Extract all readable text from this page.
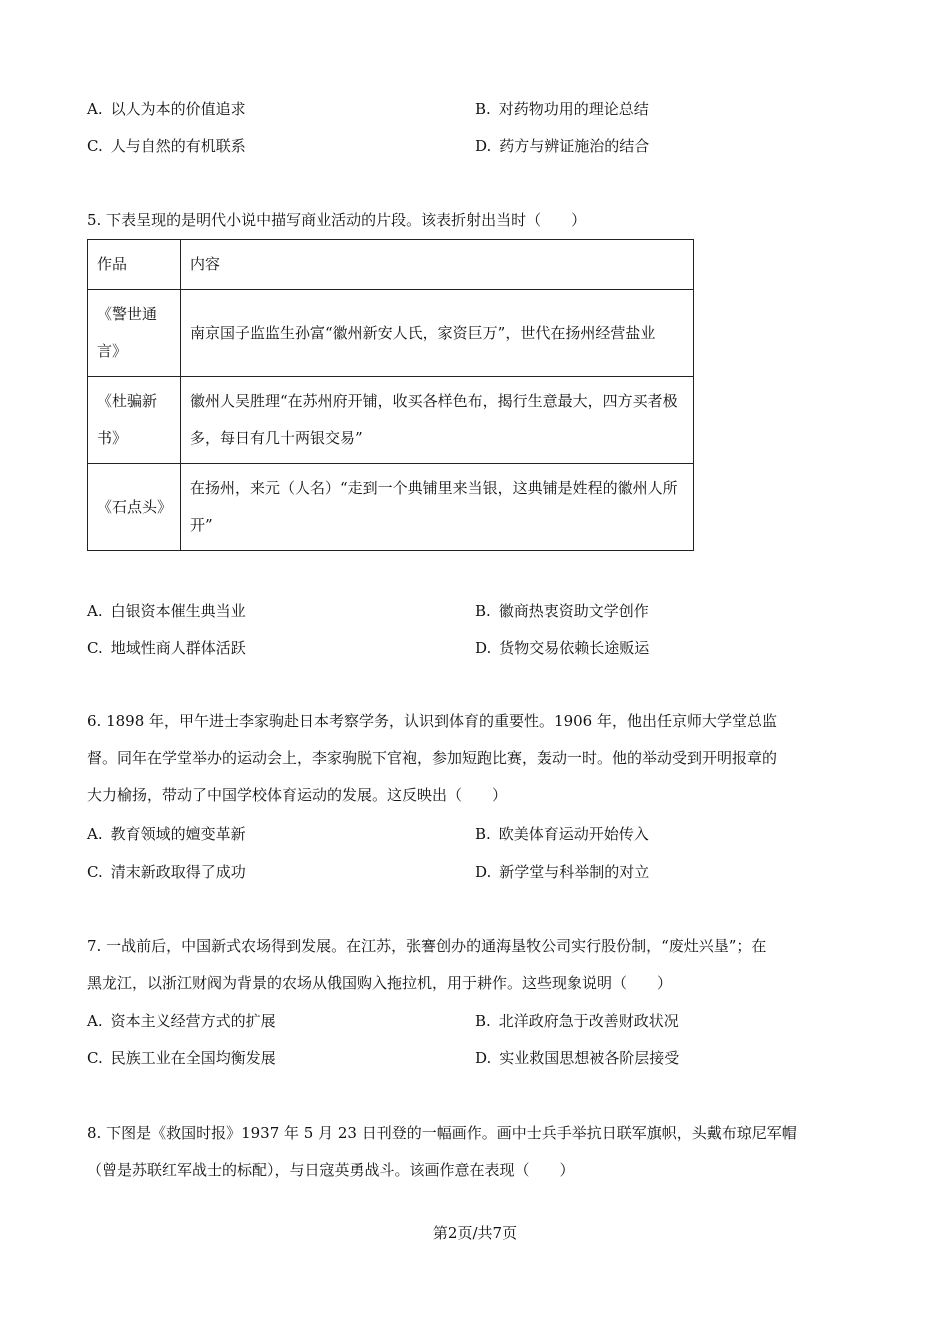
A. 以人为本的价值追求	B. 对药物功用的理论总结
C. 人与自然的有机联系	D. 药方与辨证施治的结合
5. 下表呈现的是明代小说中描写商业活动的片段。该表折射出当时（　　）
作品	内容
《警世通言》	南京国子监监生孙富“徽州新安人氏，家资巨万”，世代在扬州经营盐业
《杜骗新书》	徽州人吴胜理“在苏州府开铺，收买各样色布，揭行生意最大，四方买者极多，每日有几十两银交易”
《石点头》	在扬州，来元（人名）“走到一个典铺里来当银，这典铺是姓程的徽州人所开”
A. 白银资本催生典当业	B. 徽商热衷资助文学创作
C. 地域性商人群体活跃	D. 货物交易依赖长途贩运
6. 1898 年，甲午进士李家驹赴日本考察学务，认识到体育的重要性。1906 年，他出任京师大学堂总监
督。同年在学堂举办的运动会上，李家驹脱下官袍，参加短跑比赛，轰动一时。他的举动受到开明报章的
大力榆扬，带动了中国学校体育运动的发展。这反映出（　　）
A. 教育领域的嬗变革新	B. 欧美体育运动开始传入
C. 清末新政取得了成功	D. 新学堂与科举制的对立
7. 一战前后，中国新式农场得到发展。在江苏，张謇创办的通海垦牧公司实行股份制，“废灶兴垦”；在
黑龙江，以浙江财阀为背景的农场从俄国购入拖拉机，用于耕作。这些现象说明（　　）
A. 资本主义经营方式的扩展	B. 北洋政府急于改善财政状况
C. 民族工业在全国均衡发展	D. 实业救国思想被各阶层接受
8. 下图是《救国时报》1937 年 5 月 23 日刊登的一幅画作。画中士兵手举抗日联军旗帜，头戴布琼尼军帽
（曾是苏联红军战士的标配），与日寇英勇战斗。该画作意在表现（　　）
第2页/共7页
